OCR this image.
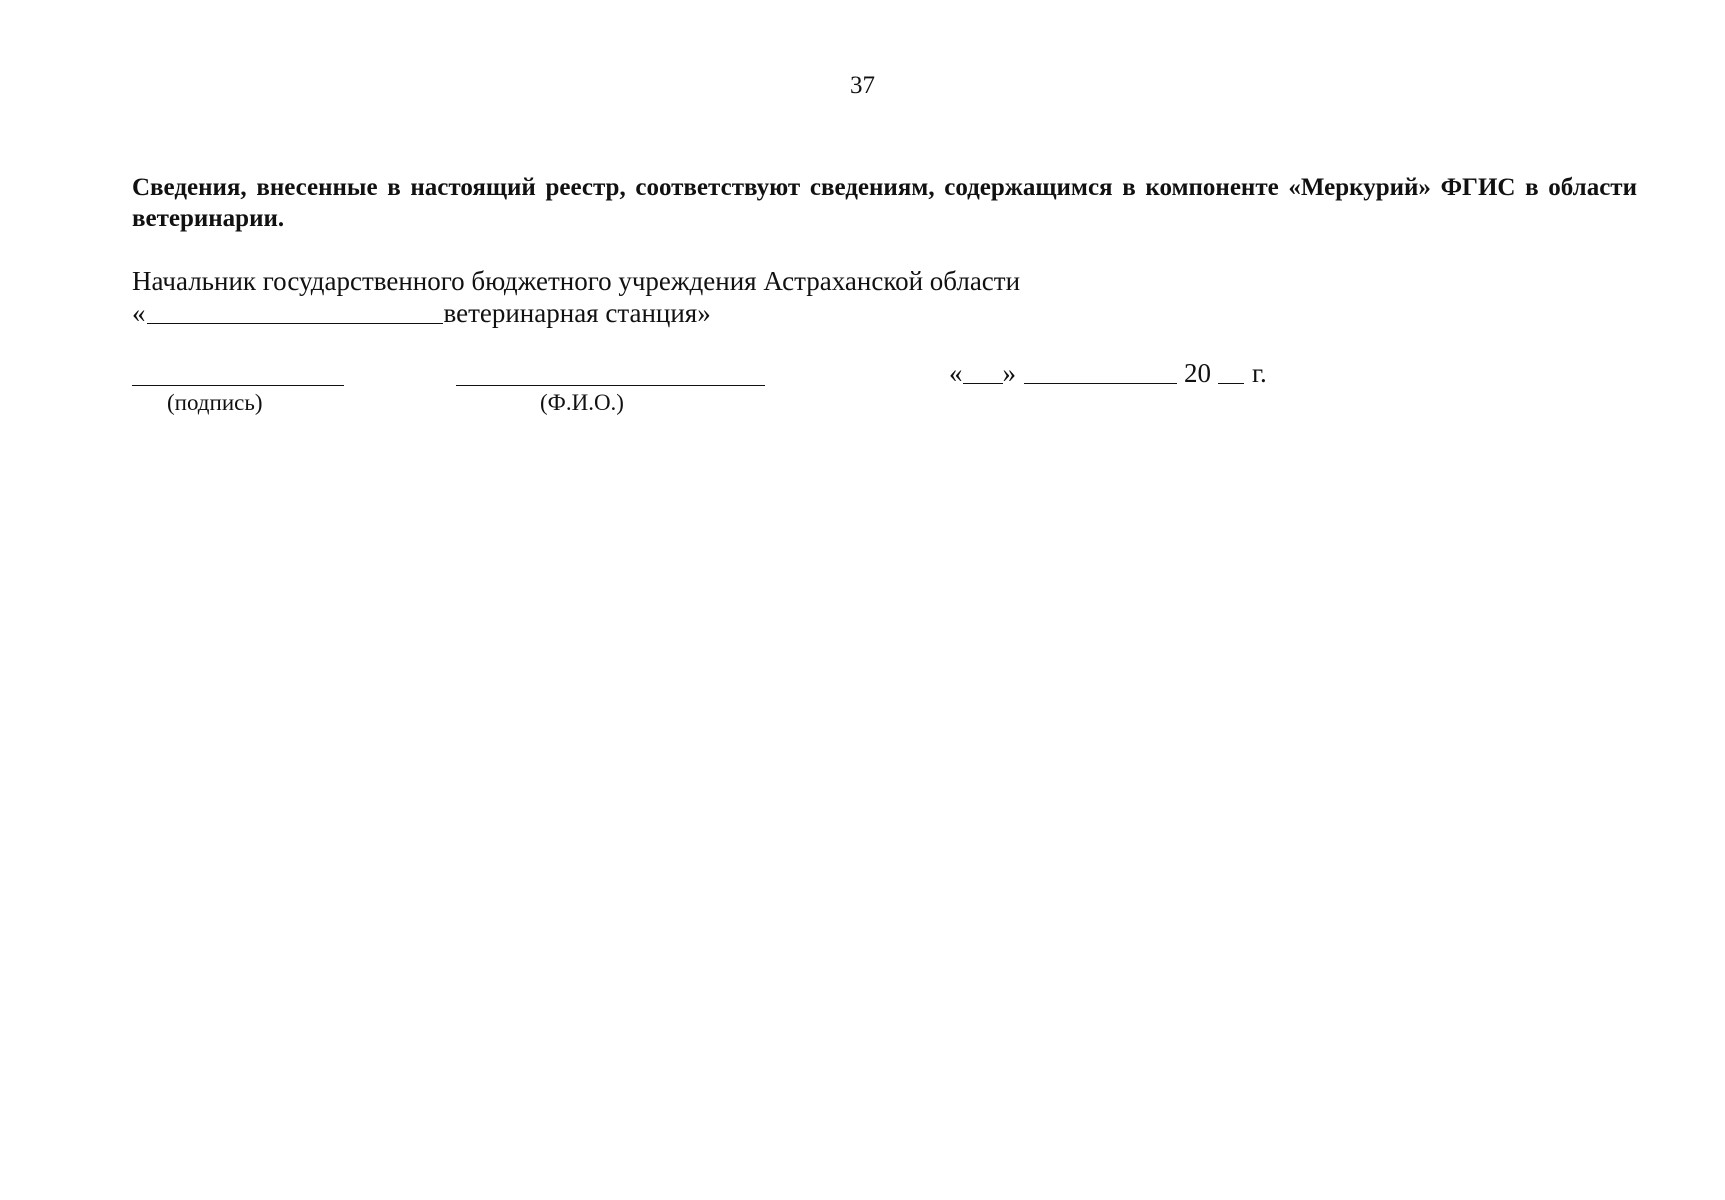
37
Сведения, внесенные в настоящий реестр, соответствуют сведениям, содержащимся в компоненте «Меркурий» ФГИС в области ветеринарии.
Начальник государственного бюджетного учреждения Астраханской области
«	ветеринарная станция»
(подпись)	(Ф.И.О.)
« »	20 г.
